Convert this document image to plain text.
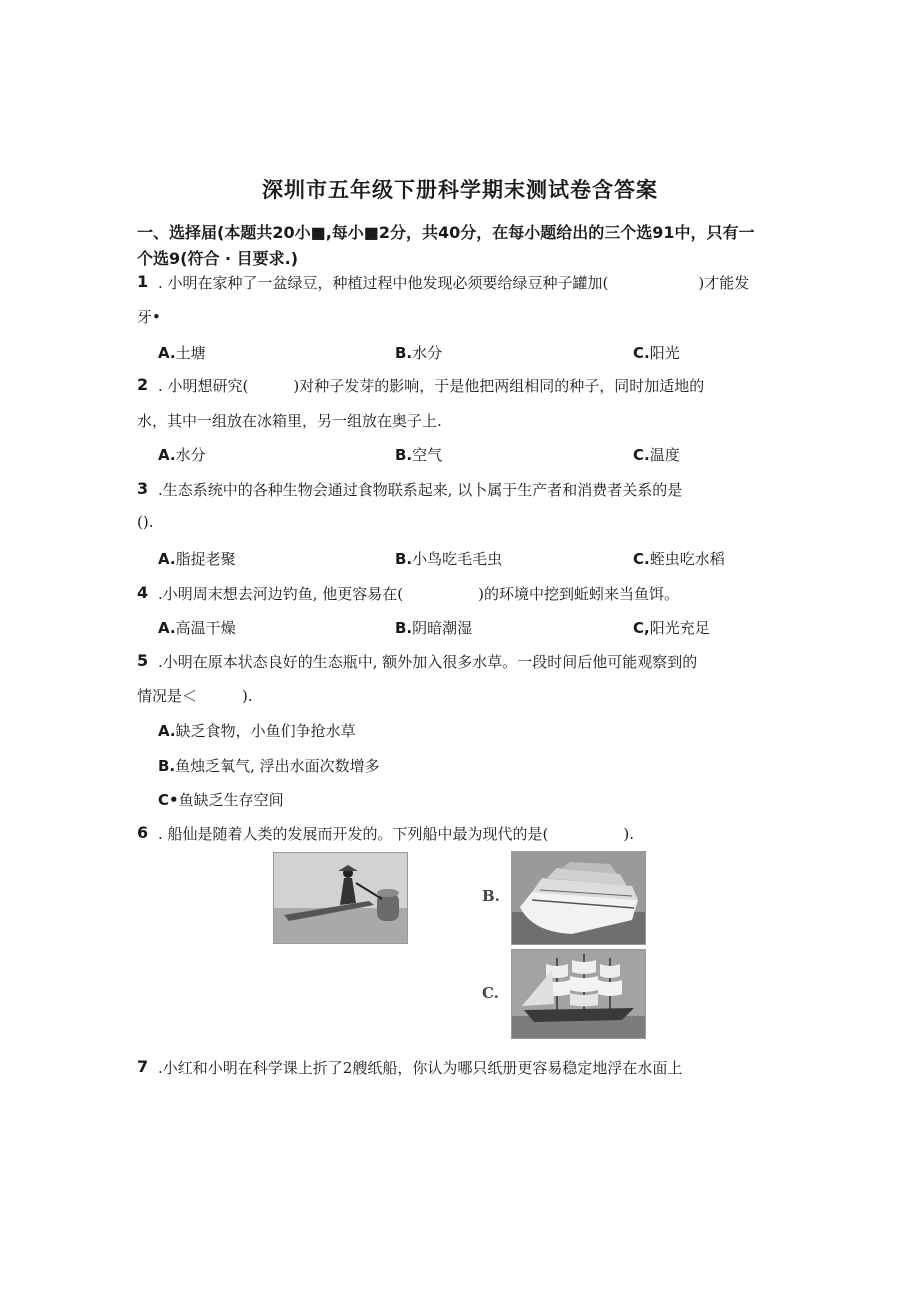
深圳市五年级下册科学期末测试卷含答案
一、选择届(本题共20小■,每小■2分，共40分，在每小题给出的三个选91中，只有一
个选9(符合 · 目要求.)
1 . 小明在家种了一盆绿豆，种植过程中他发现必须要给绿豆种子罐加(　　　　　　)才能发
牙•
A.土塘	B.水分	C.阳光
2 . 小明想研究(　　　)对种子发芽的影响，于是他把两组相同的种子，同时加适地的
水，其中一组放在冰箱里，另一组放在奥子上.
A.水分	B.空气	C.温度
3 .生态系统中的各种生物会通过食物联系起来, 以卜属于生产者和消费者关系的是
().
A.脂捉老聚	B.小鸟吃毛毛虫	C.蛭虫吃水稻
4 .小明周末想去河边钓鱼, 他更容易在(　　　　　)的环境中挖到蚯蚓来当鱼饵。
A.高温干燥	B.阴暗潮湿	C,阳光充足
5 .小明在原本状态良好的生态瓶中, 额外加入很多水草。一段时间后他可能观察到的
情况是＜　　　).
A.缺乏食物，小鱼们争抢水草
B.鱼烛乏氧气, 浮出水面次数增多
C•鱼缺乏生存空间
6 . 船仙是随着人类的发展而开发的。下列船中最为现代的是(　　　　　).
B.
C.
7 .小红和小明在科学课上折了2艘纸船，你认为哪只纸册更容易稳定地浮在水面上
